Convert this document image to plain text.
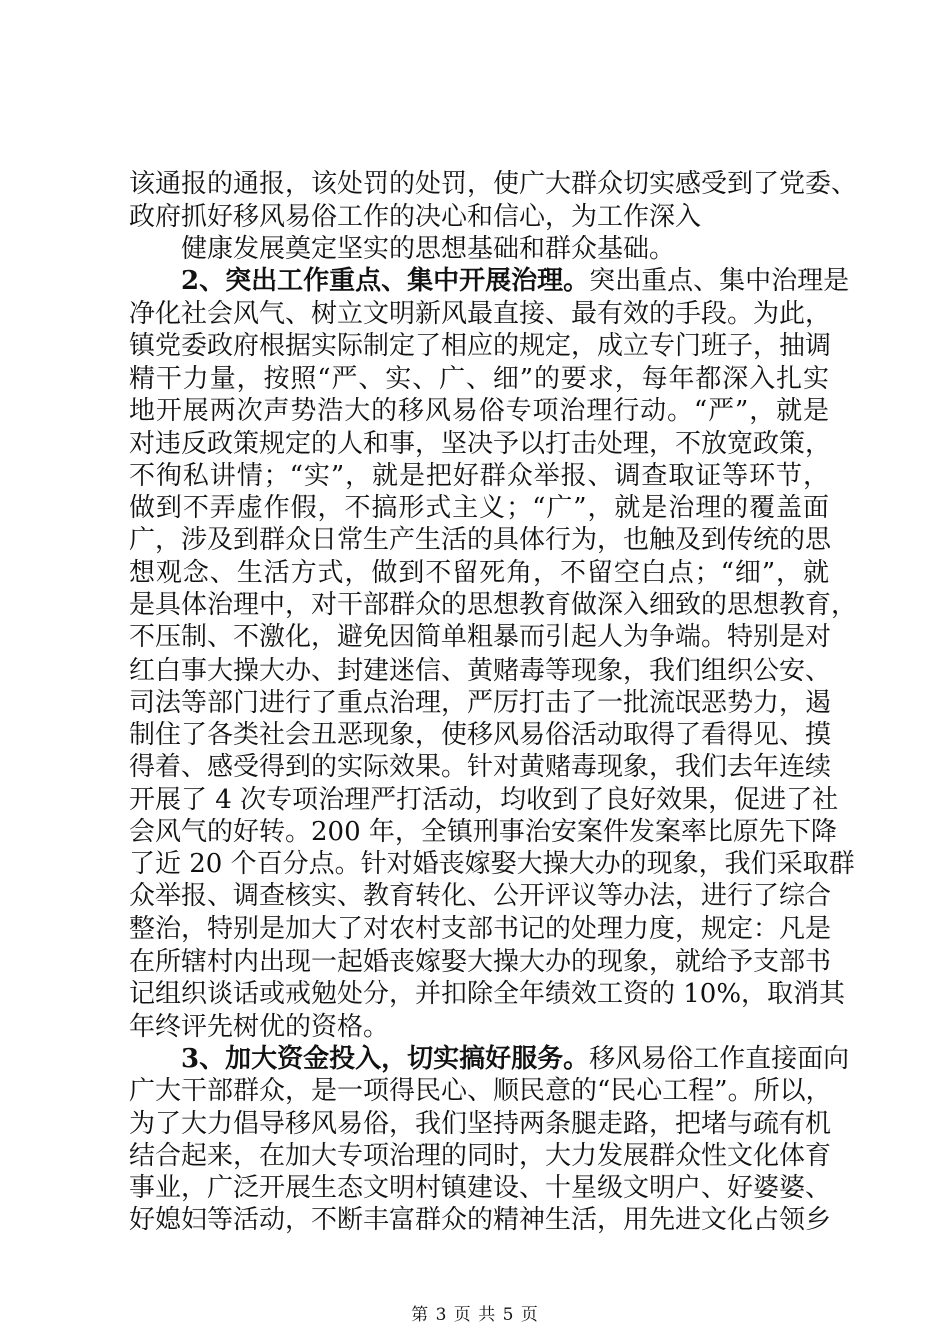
该通报的通报，该处罚的处罚，使广大群众切实感受到了党委、
政府抓好移风易俗工作的决心和信心，为工作深入
健康发展奠定坚实的思想基础和群众基础。
2、突出工作重点、集中开展治理。突出重点、集中治理是
净化社会风气、树立文明新风最直接、最有效的手段。为此，
镇党委政府根据实际制定了相应的规定，成立专门班子，抽调
精干力量，按照“严、实、广、细”的要求，每年都深入扎实
地开展两次声势浩大的移风易俗专项治理行动。“严”，就是
对违反政策规定的人和事，坚决予以打击处理，不放宽政策，
不徇私讲情；“实”，就是把好群众举报、调查取证等环节，
做到不弄虚作假，不搞形式主义；“广”，就是治理的覆盖面
广，涉及到群众日常生产生活的具体行为，也触及到传统的思
想观念、生活方式，做到不留死角，不留空白点；“细”，就
是具体治理中，对干部群众的思想教育做深入细致的思想教育，
不压制、不激化，避免因简单粗暴而引起人为争端。特别是对
红白事大操大办、封建迷信、黄赌毒等现象，我们组织公安、
司法等部门进行了重点治理，严厉打击了一批流氓恶势力，遏
制住了各类社会丑恶现象，使移风易俗活动取得了看得见、摸
得着、感受得到的实际效果。针对黄赌毒现象，我们去年连续
开展了 4 次专项治理严打活动，均收到了良好效果，促进了社
会风气的好转。200 年，全镇刑事治安案件发案率比原先下降
了近 20 个百分点。针对婚丧嫁娶大操大办的现象，我们采取群
众举报、调查核实、教育转化、公开评议等办法，进行了综合
整治，特别是加大了对农村支部书记的处理力度，规定：凡是
在所辖村内出现一起婚丧嫁娶大操大办的现象，就给予支部书
记组织谈话或戒勉处分，并扣除全年绩效工资的 10%，取消其
年终评先树优的资格。
3、加大资金投入，切实搞好服务。移风易俗工作直接面向
广大干部群众，是一项得民心、顺民意的“民心工程”。所以，
为了大力倡导移风易俗，我们坚持两条腿走路，把堵与疏有机
结合起来，在加大专项治理的同时，大力发展群众性文化体育
事业，广泛开展生态文明村镇建设、十星级文明户、好婆婆、
好媳妇等活动，不断丰富群众的精神生活，用先进文化占领乡
第 3 页 共 5 页
